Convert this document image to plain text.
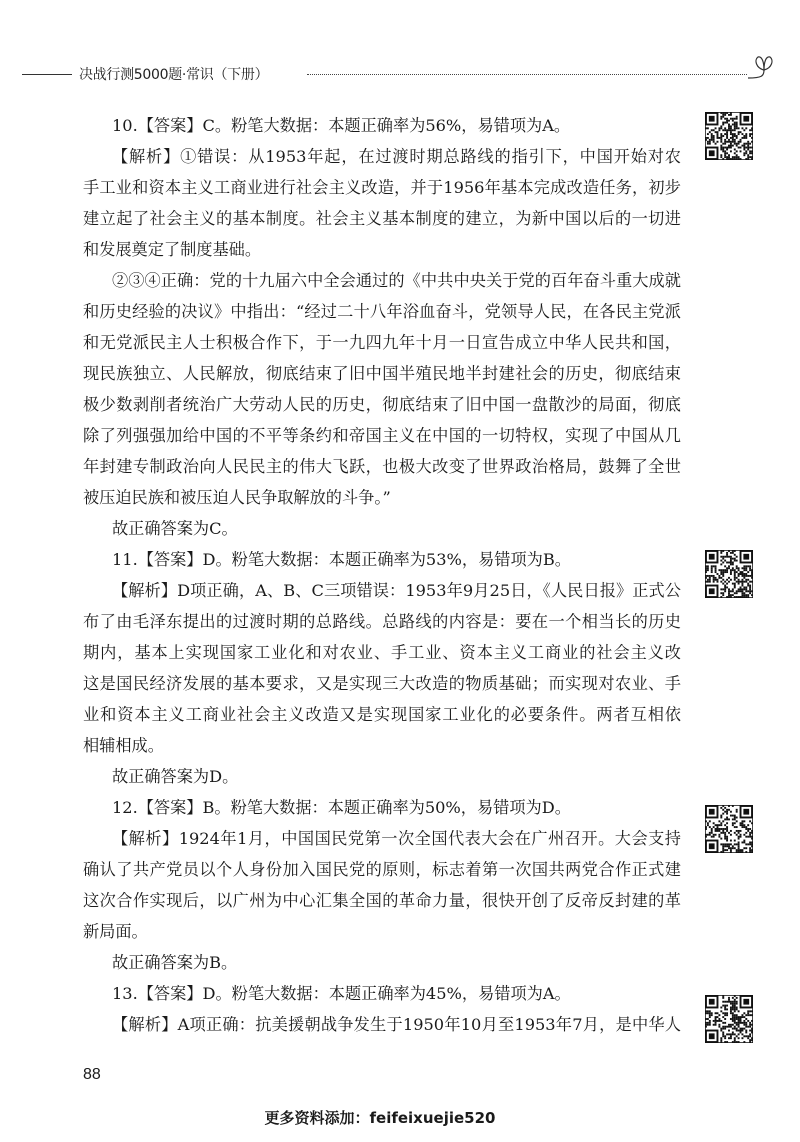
决战行测5000题·常识（下册）
10.【答案】C。粉笔大数据：本题正确率为56%，易错项为A。
【解析】①错误：从1953年起，在过渡时期总路线的指引下，中国开始对农
手工业和资本主义工商业进行社会主义改造，并于1956年基本完成改造任务，初步
建立起了社会主义的基本制度。社会主义基本制度的建立，为新中国以后的一切进
和发展奠定了制度基础。
②③④正确：党的十九届六中全会通过的《中共中央关于党的百年奋斗重大成就
和历史经验的决议》中指出：“经过二十八年浴血奋斗，党领导人民，在各民主党派
和无党派民主人士积极合作下，于一九四九年十月一日宣告成立中华人民共和国，
现民族独立、人民解放，彻底结束了旧中国半殖民地半封建社会的历史，彻底结束
极少数剥削者统治广大劳动人民的历史，彻底结束了旧中国一盘散沙的局面，彻底
除了列强强加给中国的不平等条约和帝国主义在中国的一切特权，实现了中国从几
年封建专制政治向人民民主的伟大飞跃，也极大改变了世界政治格局，鼓舞了全世
被压迫民族和被压迫人民争取解放的斗争。”
故正确答案为C。
11.【答案】D。粉笔大数据：本题正确率为53%，易错项为B。
【解析】D项正确，A、B、C三项错误：1953年9月25日，《人民日报》正式公
布了由毛泽东提出的过渡时期的总路线。总路线的内容是：要在一个相当长的历史
期内，基本上实现国家工业化和对农业、手工业、资本主义工商业的社会主义改
这是国民经济发展的基本要求，又是实现三大改造的物质基础；而实现对农业、手
业和资本主义工商业社会主义改造又是实现国家工业化的必要条件。两者互相依
相辅相成。
故正确答案为D。
12.【答案】B。粉笔大数据：本题正确率为50%，易错项为D。
【解析】1924年1月，中国国民党第一次全国代表大会在广州召开。大会支持
确认了共产党员以个人身份加入国民党的原则，标志着第一次国共两党合作正式建
这次合作实现后，以广州为中心汇集全国的革命力量，很快开创了反帝反封建的革
新局面。
故正确答案为B。
13.【答案】D。粉笔大数据：本题正确率为45%，易错项为A。
【解析】A项正确：抗美援朝战争发生于1950年10月至1953年7月，是中华人
88
更多资料添加：feifeixuejie520
